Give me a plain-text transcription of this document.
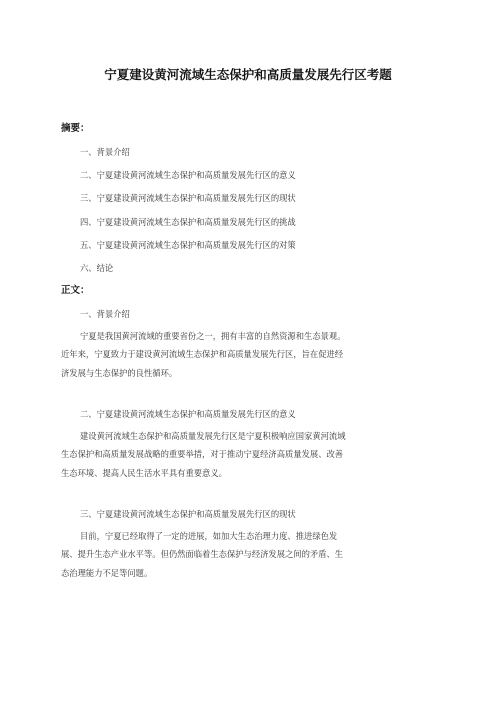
宁夏建设黄河流域生态保护和高质量发展先行区考题
摘要：
一、背景介绍
二、宁夏建设黄河流域生态保护和高质量发展先行区的意义
三、宁夏建设黄河流域生态保护和高质量发展先行区的现状
四、宁夏建设黄河流域生态保护和高质量发展先行区的挑战
五、宁夏建设黄河流域生态保护和高质量发展先行区的对策
六、结论
正文：
一、背景介绍
宁夏是我国黄河流域的重要省份之一，拥有丰富的自然资源和生态景观。
近年来，宁夏致力于建设黄河流域生态保护和高质量发展先行区，旨在促进经
济发展与生态保护的良性循环。
二、宁夏建设黄河流域生态保护和高质量发展先行区的意义
建设黄河流域生态保护和高质量发展先行区是宁夏积极响应国家黄河流域
生态保护和高质量发展战略的重要举措，对于推动宁夏经济高质量发展、改善
生态环境、提高人民生活水平具有重要意义。
三、宁夏建设黄河流域生态保护和高质量发展先行区的现状
目前，宁夏已经取得了一定的进展，如加大生态治理力度、推进绿色发
展、提升生态产业水平等。但仍然面临着生态保护与经济发展之间的矛盾、生
态治理能力不足等问题。
